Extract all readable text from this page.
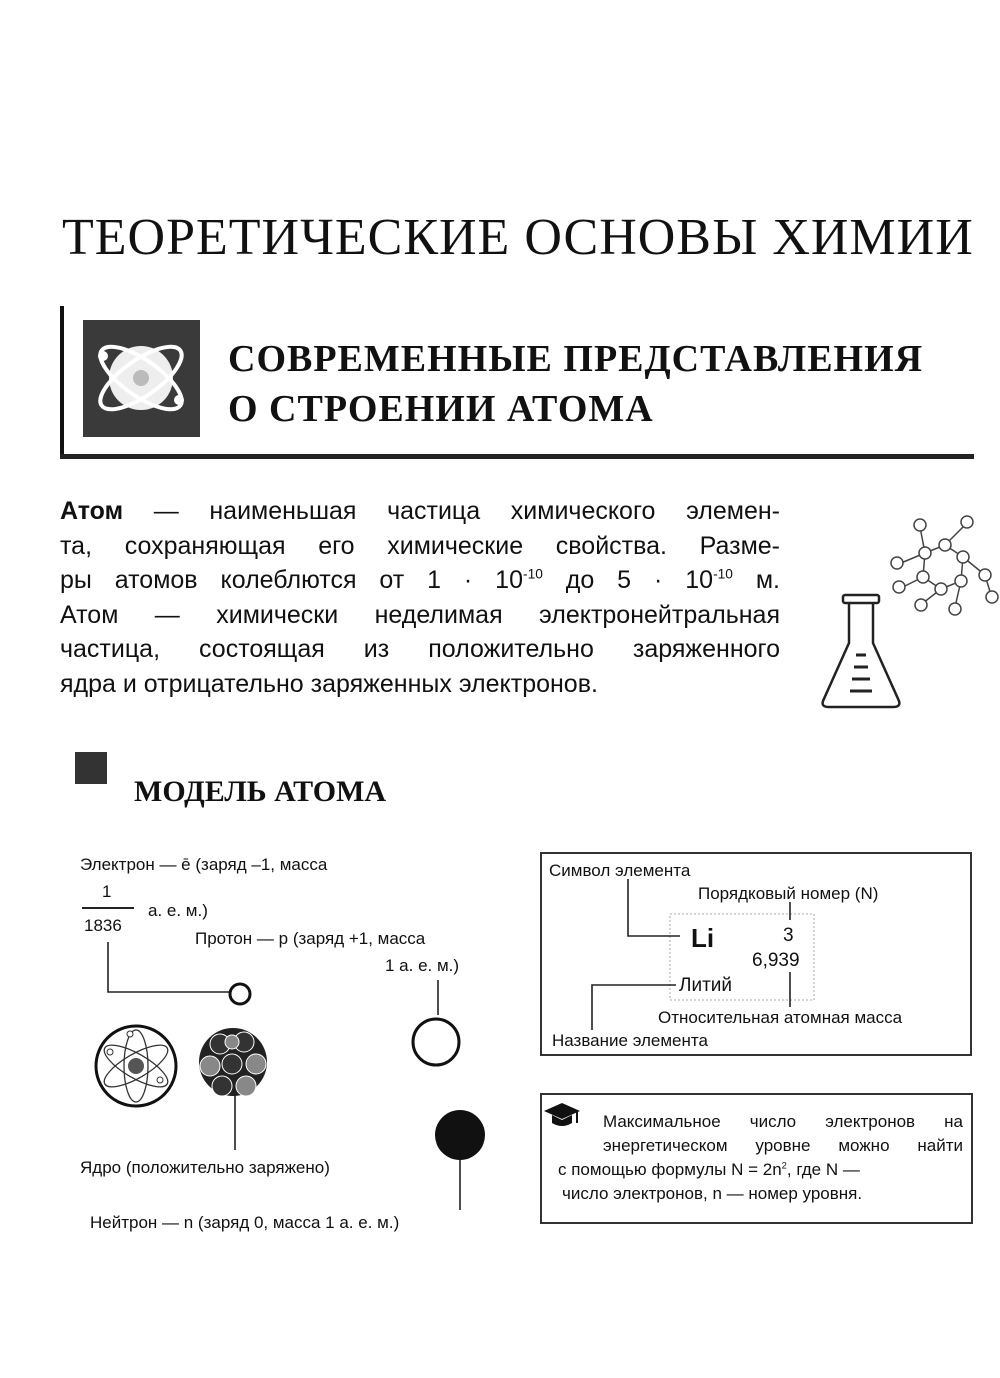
ТЕОРЕТИЧЕСКИЕ ОСНОВЫ ХИМИИ
СОВРЕМЕННЫЕ ПРЕДСТАВЛЕНИЯ
О СТРОЕНИИ АТОМА
Атом — наименьшая частица химического элемен-
та, сохраняющая его химические свойства. Разме-
ры атомов колеблются от $1 \cdot 10^{-10}$ до $5 \cdot 10^{-10}$ м.
Атом — химически неделимая электронейтральная
частица, состоящая из положительно заряженного
ядра и отрицательно заряженных электронов.
МОДЕЛЬ АТОМА
Электрон — ē (заряд –1, масса
1
1836
а. е. м.)
Протон — p (заряд +1, масса
1 а. е. м.)
Ядро (положительно заряжено)
Нейтрон — n (заряд 0, масса 1 а. е. м.)
Символ элемента
Порядковый номер (N)
Li	3
6,939
Литий
Относительная атомная масса
Название элемента
Максимальное число электронов на
энергетическом уровне можно найти
с помощью формулы $N = 2n^2$, где N —
число электронов, n — номер уровня.
